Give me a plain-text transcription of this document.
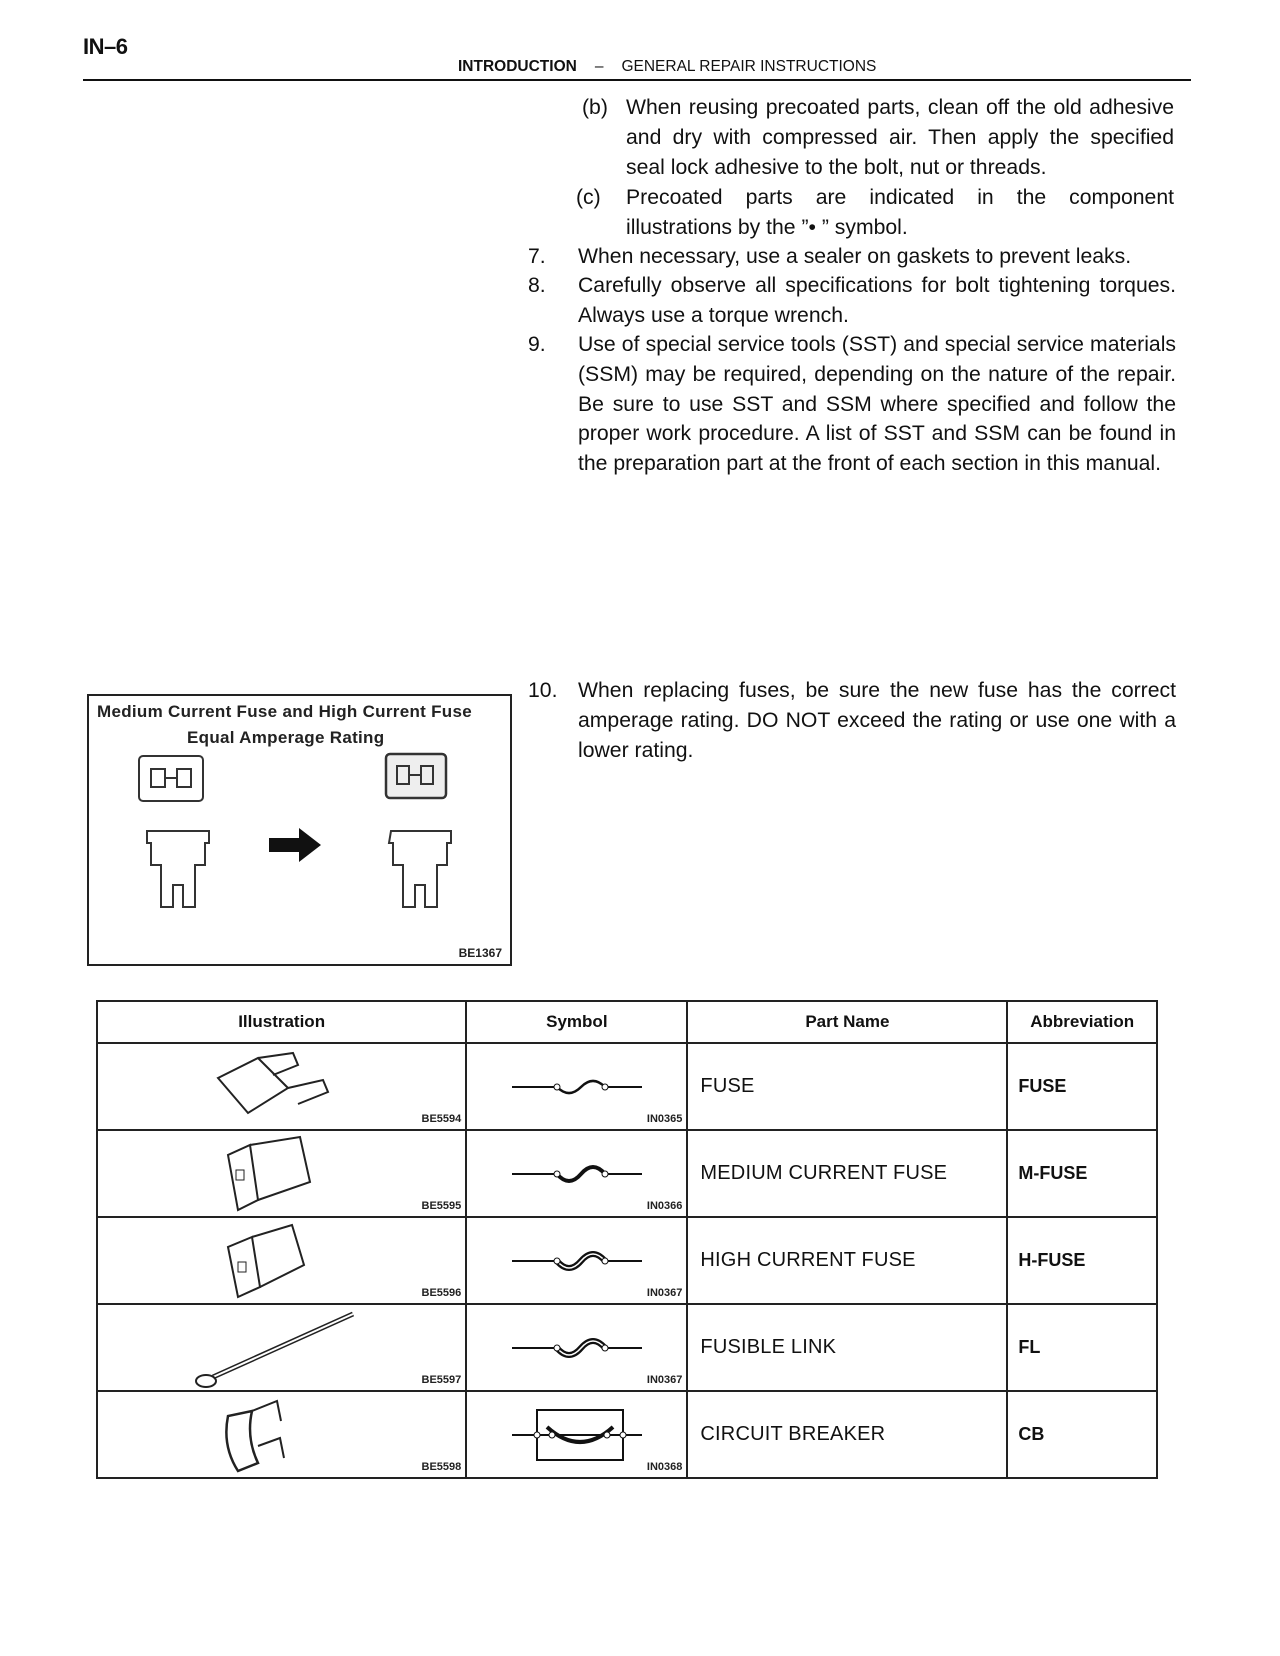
IN–6
INTRODUCTION – GENERAL REPAIR INSTRUCTIONS
(b) When reusing precoated parts, clean off the old adhesive and dry with compressed air. Then apply the specified seal lock adhesive to the bolt, nut or threads.
(c) Precoated parts are indicated in the component illustrations by the ”• ” symbol.
7. When necessary, use a sealer on gaskets to prevent leaks.
8. Carefully observe all specifications for bolt tightening torques. Always use a torque wrench.
9. Use of special service tools (SST) and special service materials (SSM) may be required, depending on the nature of the repair. Be sure to use SST and SSM where specified and follow the proper work procedure. A list of SST and SSM can be found in the preparation part at the front of each section in this manual.
10. When replacing fuses, be sure the new fuse has the correct amperage rating. DO NOT exceed the rating or use one with a lower rating.
Medium Current Fuse and High Current Fuse
Equal Amperage Rating
BE1367
Illustration	Symbol	Part Name	Abbreviation

BE5594	IN0365	FUSE	FUSE

BE5595	IN0366	MEDIUM CURRENT FUSE	M-FUSE

BE5596	IN0367	HIGH CURRENT FUSE	H-FUSE

BE5597	IN0367	FUSIBLE LINK	FL

BE5598	IN0368	CIRCUIT BREAKER	CB
